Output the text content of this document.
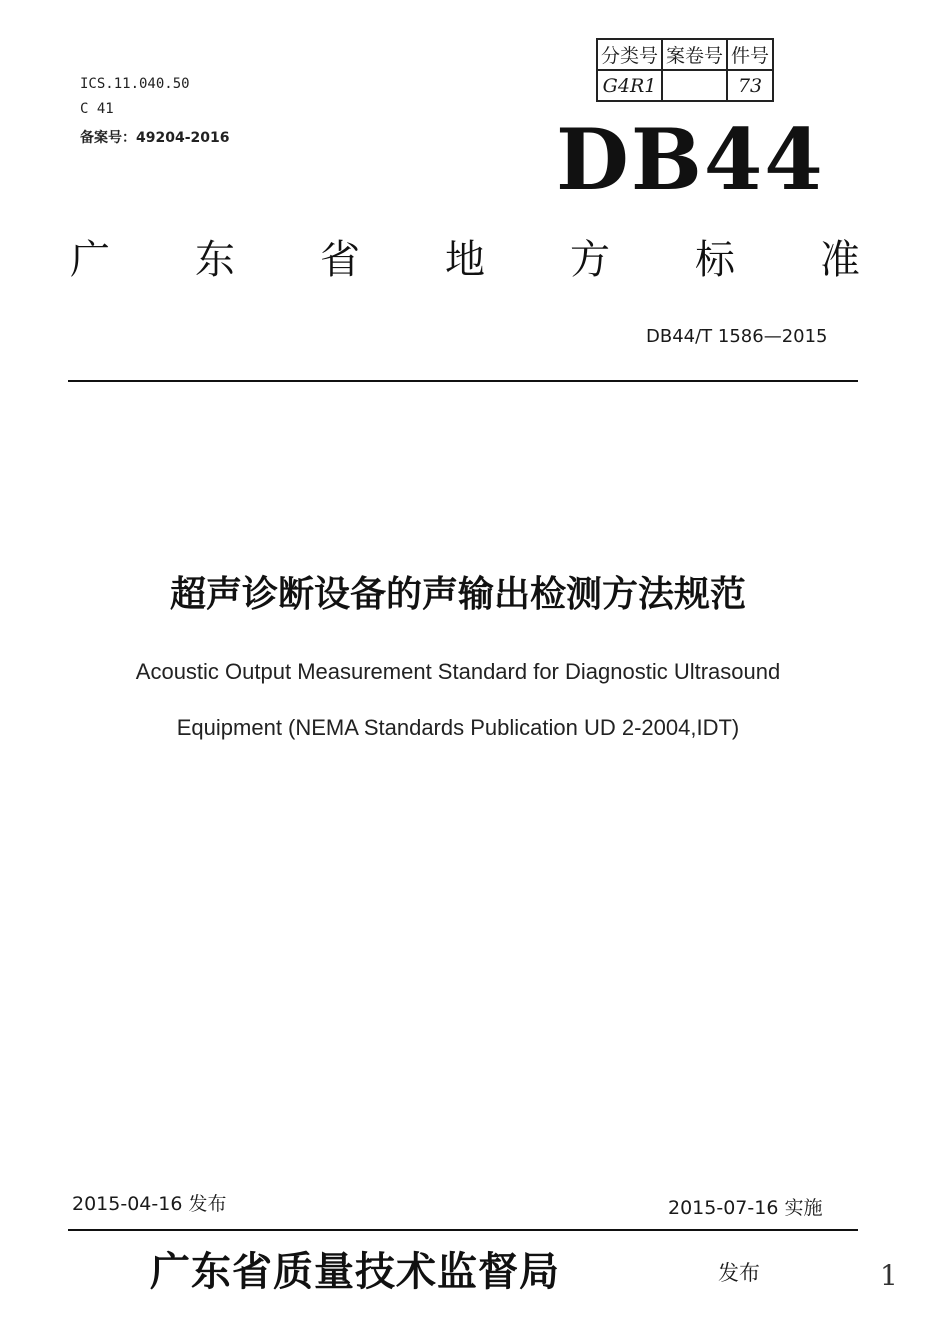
ICS.11.040.50
C 41
备案号：49204-2016
分类号	案卷号	件号
G4R1		73
DB44
广 东 省 地 方 标 准
DB44/T 1586—2015
超声诊断设备的声输出检测方法规范
Acoustic Output Measurement Standard for Diagnostic Ultrasound
Equipment (NEMA Standards Publication UD 2-2004,IDT)
2015-04-16 发布	2015-07-16 实施
广东省质量技术监督局	发布	1
